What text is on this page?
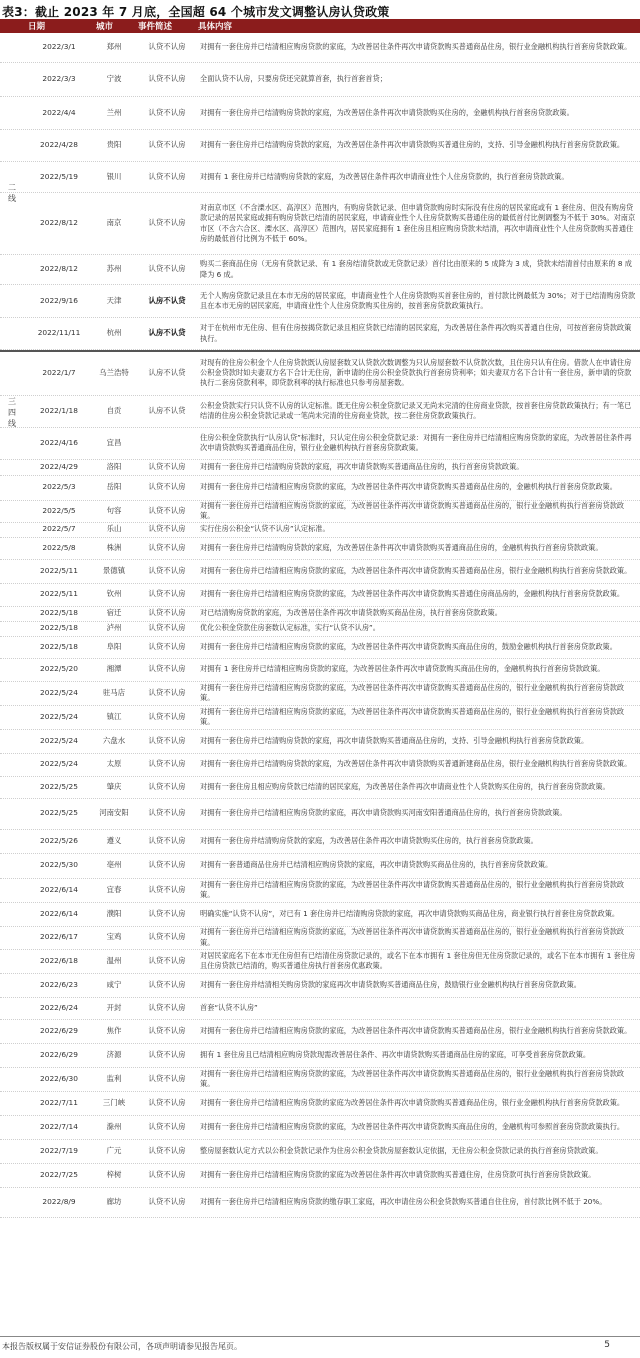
表3：截止 2023 年 7 月底，全国超 64 个城市发文调整认房认贷政策
日期	城市	事件简述	具体内容
2022/3/1	郑州	认贷不认房	对拥有一套住房并已结清相应购房贷款的家庭，为改善居住条件再次申请贷款购买普通商品住房，银行业金融机构执行首套房贷款政策。
2022/3/3	宁波	认贷不认房	全面认贷不认房，只要房贷还完就算首套，执行首套首贷；
2022/4/4	兰州	认贷不认房	对拥有一套住房并已结清购房贷款的家庭，为改善居住条件再次申请贷款购买住房的，金融机构执行首套房贷款政策。
2022/4/28	贵阳	认贷不认房	对拥有一套住房并已结清购房贷款的家庭，为改善居住条件再次申请贷款购买普通住房的，支持、引导金融机构执行首套房贷款政策。
2022/5/19	银川	认贷不认房	对拥有 1 套住房并已结清购房贷款的家庭，为改善居住条件再次申请商业性个人住房贷款的，执行首套房贷款政策。
2022/8/12	南京	认贷不认房
对南京市区（不含溧水区、高淳区）范围内，有购房贷款记录、但申请贷款购房时实际没有住房的居民家庭或有 1 套住房、但没有购房贷款记录的居民家庭或拥有购房贷款已结清的居民家庭，申请商业性个人住房贷款购买普通住房的最低首付比例调整为不低于 30%。对南京市区（不含六合区、溧水区、高淳区）范围内，居民家庭拥有 1 套住房且相应购房贷款未结清，再次申请商业性个人住房贷款购买普通住房的最低首付比例为不低于 60%。
2022/8/12	苏州	认贷不认房
购买二套商品住房（无房有贷款记录、有 1 套房结清贷款或无贷款记录）首付比由原来的 5 成降为 3 成，贷款未结清首付由原来的 8 成降为 6 成。
2022/9/16	天津	认房不认贷
无个人购房贷款记录且在本市无房的居民家庭，申请商业性个人住房贷款购买首套住房的，首付款比例最低为 30%；对于已结清购房贷款且在本市无房的居民家庭，申请商业性个人住房贷款购买住房的，按首套房贷款政策执行。
2022/11/11	杭州	认房不认贷
对于在杭州市无住房、但有住房按揭贷款记录且相应贷款已结清的居民家庭，为改善居住条件再次购买普通自住房，可按首套房贷款政策执行。
二
线
2022/1/7	乌兰浩特	认房不认贷
对现有的住房公积金个人住房贷款既认房屋套数又认贷款次数调整为只认房屋套数不认贷款次数，且住房只认有住房。借款人在申请住房公积金贷款时如夫妻双方名下合计无住房，新申请的住房公积金贷款执行首套房贷利率；如夫妻双方名下合计有一套住房，新申请的贷款执行二套房贷款利率，即贷款利率的执行标准也只参考房屋套数。
2022/1/18	自贡	认房不认贷
公积金贷款实行只认贷不认房的认定标准。既无住房公积金贷款记录又无尚未完清的住房商业贷款，按首套住房贷款政策执行；有一笔已结清的住房公积金贷款记录或一笔尚未完清的住房商业贷款，按二套住房贷款政策执行。
2022/4/16	宜昌
住房公积金贷款执行“认房认贷”标准时，只认定住房公积金贷款记录：对拥有一套住房并已结清相应购房贷款的家庭，为改善居住条件再次申请贷款购买普通商品住房，银行业金融机构执行首套房贷款政策。
三
四
线
2022/4/29	洛阳	认贷不认房	对拥有一套住房并已结清购房贷款的家庭，再次申请贷款购买普通商品住房的，执行首套房贷款政策。
2022/5/3	岳阳	认贷不认房	对拥有一套住房并已结清相应购房贷款的家庭，为改善居住条件再次申请贷款购买普通商品住房的，金融机构执行首套房贷款政策。
2022/5/5	句容	认贷不认房
对拥有一套住房并已结清相应购房贷款的家庭，为改善居住条件再次申请贷款购买普通商品住房的，银行业金融机构执行首套房贷款政策。
2022/5/7	乐山	认贷不认房	实行住房公积金“认贷不认房”认定标准。
2022/5/8	株洲	认贷不认房	对拥有一套住房并已结清购房贷款的家庭，为改善居住条件再次申请贷款购买普通商品住房的，金融机构执行首套房贷款政策。
2022/5/11	景德镇	认贷不认房	对拥有一套住房并已结清相应购房贷款的家庭，为改善居住条件再次申请贷款购买普通商品住房，银行业金融机构执行首套房贷款政策。
2022/5/11	钦州	认贷不认房	对拥有一套住房并已结清相应购房贷款的家庭，为改善居住条件再次申请贷款购买普通住房商品房的，金融机构执行首套房贷款政策。
2022/5/18	宿迁	认贷不认房	对已结清购房贷款的家庭，为改善居住条件再次申请贷款购买商品住房，执行首套房贷款政策。
2022/5/18	泸州	认贷不认房	优化公积金贷款住房套数认定标准，实行“认贷不认房”。
2022/5/18	阜阳	认贷不认房	对拥有一套住房并已结清相应购房贷款的家庭，为改善居住条件再次申请贷款购买商品住房的，鼓励金融机构执行首套房贷款政策。
2022/5/20	湘潭	认贷不认房	对拥有 1 套住房并已结清相应购房贷款的家庭，为改善居住条件再次申请贷款购买商品住房的，金融机构执行首套房贷款政策。
2022/5/24	驻马店	认贷不认房
对拥有一套住房并已结清相应购房贷款的家庭，为改善居住条件再次申请贷款购买普通商品住房的，银行业金融机构执行首套房贷款政策。
2022/5/24	镇江	认贷不认房
对拥有一套住房并已结清相应购房贷款的家庭，为改善居住条件再次申请贷款购买普通商品住房的，银行业金融机构执行首套房贷款政策。
2022/5/24	六盘水	认贷不认房	对拥有一套住房并已结清购房贷款的家庭，再次申请贷款购买普通商品住房的，支持、引导金融机构执行首套房贷款政策。
2022/5/24	太原	认贷不认房	对拥有一套住房并已结清购房贷款的家庭，为改善居住条件再次申请贷款购买普通新建商品住房，银行业金融机构执行首套房贷款政策。
2022/5/25	肇庆	认贷不认房	对拥有一套住房且相应购房贷款已结清的居民家庭，为改善居住条件再次申请商业性个人贷款购买住房的，执行首套房贷款政策。
2022/5/25	河南安阳	认贷不认房	对拥有一套住房并已结清相应购房贷款的家庭，再次申请贷款购买河南安阳普通商品住房的，执行首套房贷款政策。
2022/5/26	遵义	认贷不认房	对拥有一套住房并结清购房贷款的家庭，为改善居住条件再次申请贷款购买住房的，执行首套房贷款政策。
2022/5/30	亳州	认贷不认房	对拥有一套普通商品住房并已结清相应购房贷款的家庭，再次申请贷款购买商品住房的，执行首套房贷款政策。
2022/6/14	宜春	认贷不认房
对拥有一套住房并已结清相应购房贷款的家庭，为改善居住条件再次申请贷款购买普通商品住房的，银行业金融机构执行首套房贷款政策。
2022/6/14	濮阳	认贷不认房	明确实施“认贷不认房”，对已有 1 套住房并已结清购房贷款的家庭，再次申请贷款购买商品住房，商业银行执行首套住房贷款政策。
2022/6/17	宝鸡	认贷不认房
对拥有一套住房并已结清相应购房贷款的家庭，为改善居住条件再次申请贷款购买普通商品住房的，银行业金融机构执行首套房贷款政策。
2022/6/18	温州	认贷不认房
对居民家庭名下在本市无住房但有已结清住房贷款记录的，或名下在本市拥有 1 套住房但无住房贷款记录的，或名下在本市拥有 1 套住房且住房贷款已结清的，购买普通住房执行首套房优惠政策。
2022/6/23	咸宁	认贷不认房	对拥有一套住房并结清相关购房贷款的家庭再次申请贷款购买普通商品住房，鼓励银行业金融机构执行首套房贷款政策。
2022/6/24	开封	认贷不认房	首套“认贷不认房”
2022/6/29	焦作	认贷不认房	对拥有一套住房并已结清相应购房贷款的家庭，为改善居住条件再次申请贷款购买普通商品住房，银行业金融机构执行首套房贷款政策。
2022/6/29	济源	认贷不认房	拥有 1 套住房且已结清相应购房贷款现需改善居住条件、再次申请贷款购买普通商品住房的家庭，可享受首套房贷款政策。
2022/6/30	监利	认贷不认房
对拥有一套住房并已结清相应购房贷款的家庭，为改善居住条件再次申请贷款购买普通商品住房的，银行业金融机构执行首套房贷款政策。
2022/7/11	三门峡	认贷不认房	对拥有一套住房并已结清相应购房贷款的家庭为改善居住条件再次申请贷款购买普通商品住房，银行业金融机构执行首套房贷款政策。
2022/7/14	滁州	认贷不认房	对拥有一套住房并已结清相应购房贷款的家庭，为改善居住条件再次申请贷款购买商品住房的，金融机构可参照首套房贷款政策执行。
2022/7/19	广元	认贷不认房	整房屋套数认定方式以公积金贷款记录作为住房公积金贷款房屋套数认定依据，无住房公积金贷款记录的执行首套房贷款政策。
2022/7/25	梓树	认贷不认房	对拥有一套住房并已结清相应购房贷款的家庭为改善居住条件再次申请贷款购买普通住房，住房贷款可执行首套房贷款政策。
2022/8/9	廊坊	认贷不认房	对拥有一套住房并已结清相应购房贷款的缴存职工家庭，再次申请住房公积金贷款购买普通自住住房，首付款比例不低于 20%。
本报告版权属于安信证券股份有限公司，各项声明请参见报告尾页。	5
